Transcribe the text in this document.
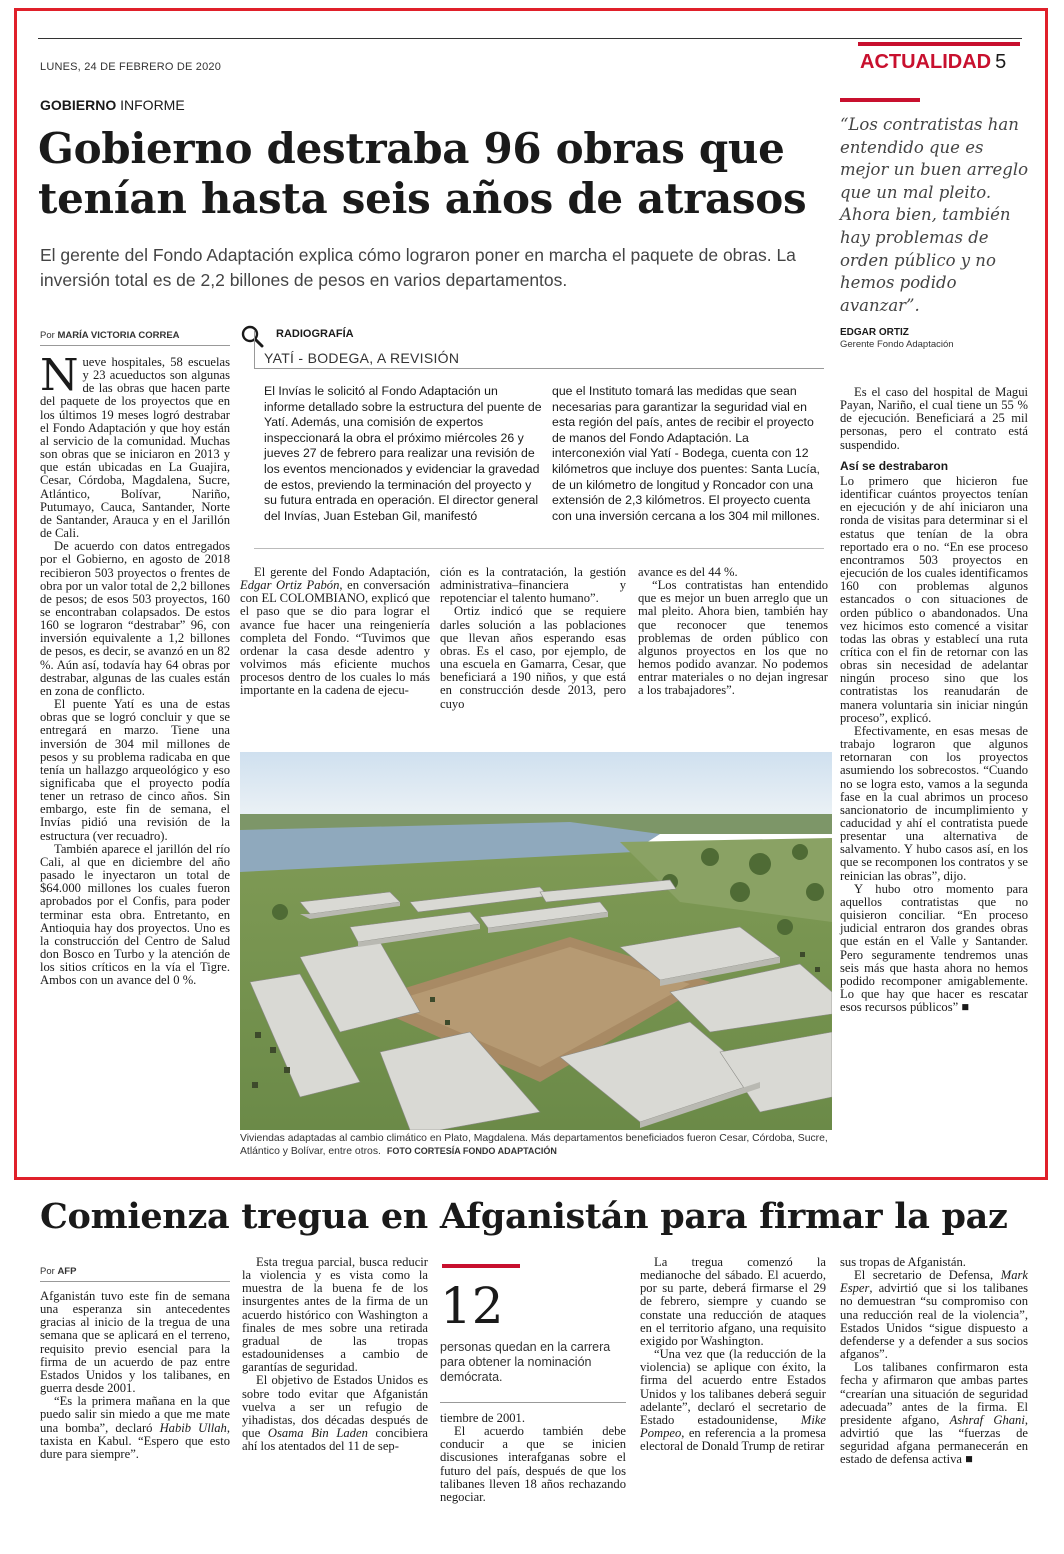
LUNES, 24 DE FEBRERO DE 2020	ACTUALIDAD 5
GOBIERNO INFORME
Gobierno destraba 96 obras que tenían hasta seis años de atrasos

El gerente del Fondo Adaptación explica cómo lograron poner en marcha el paquete de obras. La inversión total es de 2,2 billones de pesos en varios departamentos.

“Los contratistas han entendido que es mejor un buen arreglo que un mal pleito. Ahora bien, también hay problemas de orden público y no hemos podido avanzar”.

EDGAR ORTIZ
Gerente Fondo Adaptación
Por MARÍA VICTORIA CORREA

Nueve hospitales, 58 escuelas y 23 acueductos son algunas de las obras que hacen parte del paquete de los proyectos que en los últimos 19 meses logró destrabar el Fondo Adaptación y que hoy están al servicio de la comunidad. Muchas son obras que se iniciaron en 2013 y que están ubicadas en La Guajira, Cesar, Córdoba, Magdalena, Sucre, Atlántico, Bolívar, Nariño, Putumayo, Cauca, Santander, Norte de Santander, Arauca y en el Jarillón de Cali.

De acuerdo con datos entregados por el Gobierno, en agosto de 2018 recibieron 503 proyectos o frentes de obra por un valor total de 2,2 billones de pesos; de esos 503 proyectos, 160 se encontraban colapsados. De estos 160 se lograron “destrabar” 96, con inversión equivalente a 1,2 billones de pesos, es decir, se avanzó en un 82 %. Aún así, todavía hay 64 obras por destrabar, algunas de las cuales están en zona de conflicto.

El puente Yatí es una de estas obras que se logró concluir y que se entregará en marzo. Tiene una inversión de 304 mil millones de pesos y su problema radicaba en que tenía un hallazgo arqueológico y eso significaba que el proyecto podía tener un retraso de cinco años. Sin embargo, este fin de semana, el Invías pidió una revisión de la estructura (ver recuadro).

También aparece el jarillón del río Cali, al que en diciembre del año pasado le inyectaron un total de $64.000 millones los cuales fueron aprobados por el Confis, para poder terminar esta obra. Entretanto, en Antioquia hay dos proyectos. Uno es la construcción del Centro de Salud don Bosco en Turbo y la atención de los sitios críticos en la vía el Tigre. Ambos con un avance del 0 %.

RADIOGRAFÍA
YATÍ - BODEGA, A REVISIÓN
El Invías le solicitó al Fondo Adaptación un informe detallado sobre la estructura del puente de Yatí. Además, una comisión de expertos inspeccionará la obra el próximo miércoles 26 y jueves 27 de febrero para realizar una revisión de los eventos mencionados y evidenciar la gravedad de estos, previendo la terminación del proyecto y su futura entrada en operación. El director general del Invías, Juan Esteban Gil, manifestó
que el Instituto tomará las medidas que sean necesarias para garantizar la seguridad vial en esta región del país, antes de recibir el proyecto de manos del Fondo Adaptación. La interconexión vial Yatí - Bodega, cuenta con 12 kilómetros que incluye dos puentes: Santa Lucía, de un kilómetro de longitud y Roncador con una extensión de 2,3 kilómetros. El proyecto cuenta con una inversión cercana a los 304 mil millones.

El gerente del Fondo Adaptación, Edgar Ortiz Pabón, en conversación con EL COLOMBIANO, explicó que el paso que se dio para lograr el avance fue hacer una reingeniería completa del Fondo. “Tuvimos que ordenar la casa desde adentro y volvimos más eficiente muchos procesos dentro de los cuales lo más importante en la cadena de ejecu-

ción es la contratación, la gestión administrativa–financiera y repotenciar el talento humano”.

Ortiz indicó que se requiere darles solución a las poblaciones que llevan años esperando esas obras. Es el caso, por ejemplo, de una escuela en Gamarra, Cesar, que beneficiará a 190 niños, y que está en construcción desde 2013, pero cuyo

avance es del 44 %.

“Los contratistas han entendido que es mejor un buen arreglo que un mal pleito. Ahora bien, también hay que reconocer que tenemos problemas de orden público con algunos proyectos en los que no hemos podido avanzar. No podemos entrar materiales o no dejan ingresar a los trabajadores”.

Viviendas adaptadas al cambio climático en Plato, Magdalena. Más departamentos beneficiados fueron Cesar, Córdoba, Sucre, Atlántico y Bolívar, entre otros. FOTO CORTESÍA FONDO ADAPTACIÓN

Es el caso del hospital de Magui Payan, Nariño, el cual tiene un 55 % de ejecución. Beneficiará a 25 mil personas, pero el contrato está suspendido.

Así se destrabaron

Lo primero que hicieron fue identificar cuántos proyectos tenían en ejecución y de ahí iniciaron una ronda de visitas para determinar si el estatus que tenían de la obra reportado era o no. “En ese proceso encontramos 503 proyectos en ejecución de los cuales identificamos 160 con problemas algunos estancados o con situaciones de orden público o abandonados. Una vez hicimos esto comencé a visitar todas las obras y establecí una ruta crítica con el fin de retornar con las obras sin necesidad de adelantar ningún proceso sino que los contratistas los reanudarán de manera voluntaria sin iniciar ningún proceso”, explicó.

Efectivamente, en esas mesas de trabajo lograron que algunos retornaran con los proyectos asumiendo los sobrecostos. “Cuando no se logra esto, vamos a la segunda fase en la cual abrimos un proceso sancionatorio de incumplimiento y caducidad y ahí el contratista puede presentar una alternativa de salvamento. Y hubo casos así, en los que se recomponen los contratos y se reinician las obras”, dijo.

Y hubo otro momento para aquellos contratistas que no quisieron conciliar. “En proceso judicial entraron dos grandes obras que están en el Valle y Santander. Pero seguramente tendremos unas seis más que hasta ahora no hemos podido recomponer amigablemente. Lo que hay que hacer es rescatar esos recursos públicos” ■

Comienza tregua en Afganistán para firmar la paz
Por AFP

Afganistán tuvo este fin de semana una esperanza sin antecedentes gracias al inicio de la tregua de una semana que se aplicará en el terreno, requisito previo esencial para la firma de un acuerdo de paz entre Estados Unidos y los talibanes, en guerra desde 2001.

“Es la primera mañana en la que puedo salir sin miedo a que me mate una bomba”, declaró Habib Ullah, taxista en Kabul. “Espero que esto dure para siempre”.

Esta tregua parcial, busca reducir la violencia y es vista como la muestra de la buena fe de los insurgentes antes de la firma de un acuerdo histórico con Washington a finales de mes sobre una retirada gradual de las tropas estadounidenses a cambio de garantías de seguridad.

El objetivo de Estados Unidos es sobre todo evitar que Afganistán vuelva a ser un refugio de yihadistas, dos décadas después de que Osama Bin Laden concibiera ahí los atentados del 11 de sep-

12
personas quedan en la carrera para obtener la nominación demócrata.

tiembre de 2001.

El acuerdo también debe conducir a que se inicien discusiones interafganas sobre el futuro del país, después de que los talibanes lleven 18 años rechazando negociar.

La tregua comenzó la medianoche del sábado. El acuerdo, por su parte, deberá firmarse el 29 de febrero, siempre y cuando se constate una reducción de ataques en el territorio afgano, una requisito exigido por Washington.

“Una vez que (la reducción de la violencia) se aplique con éxito, la firma del acuerdo entre Estados Unidos y los talibanes deberá seguir adelante”, declaró el secretario de Estado estadounidense, Mike Pompeo, en referencia a la promesa electoral de Donald Trump de retirar

sus tropas de Afganistán.

El secretario de Defensa, Mark Esper, advirtió que si los talibanes no demuestran “su compromiso con una reducción real de la violencia”, Estados Unidos “sigue dispuesto a defenderse y a defender a sus socios afganos”.

Los talibanes confirmaron esta fecha y afirmaron que ambas partes “crearían una situación de seguridad adecuada” antes de la firma. El presidente afgano, Ashraf Ghani, advirtió que las “fuerzas de seguridad afgana permanecerán en estado de defensa activa ■
